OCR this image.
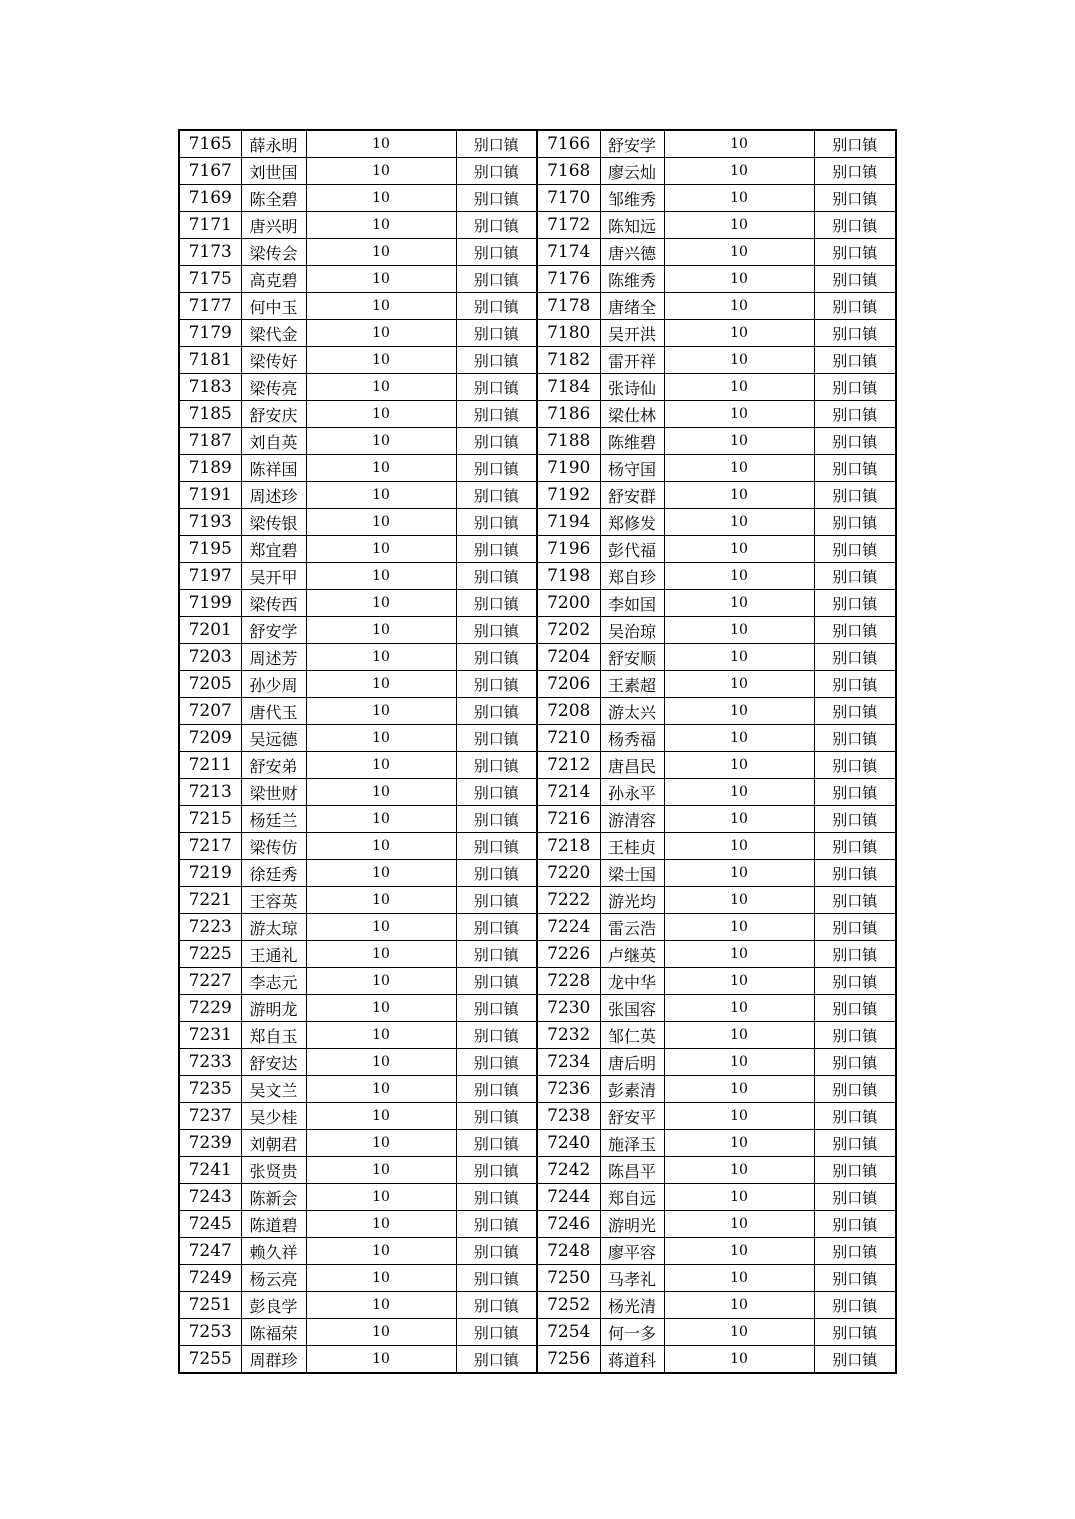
7165	薛永明	10	别口镇	7166	舒安学	10	别口镇
7167	刘世国	10	别口镇	7168	廖云灿	10	别口镇
7169	陈全碧	10	别口镇	7170	邹维秀	10	别口镇
7171	唐兴明	10	别口镇	7172	陈知远	10	别口镇
7173	梁传会	10	别口镇	7174	唐兴德	10	别口镇
7175	高克碧	10	别口镇	7176	陈维秀	10	别口镇
7177	何中玉	10	别口镇	7178	唐绪全	10	别口镇
7179	梁代金	10	别口镇	7180	吴开洪	10	别口镇
7181	梁传好	10	别口镇	7182	雷开祥	10	别口镇
7183	梁传亮	10	别口镇	7184	张诗仙	10	别口镇
7185	舒安庆	10	别口镇	7186	梁仕林	10	别口镇
7187	刘自英	10	别口镇	7188	陈维碧	10	别口镇
7189	陈祥国	10	别口镇	7190	杨守国	10	别口镇
7191	周述珍	10	别口镇	7192	舒安群	10	别口镇
7193	梁传银	10	别口镇	7194	郑修发	10	别口镇
7195	郑宜碧	10	别口镇	7196	彭代福	10	别口镇
7197	吴开甲	10	别口镇	7198	郑自珍	10	别口镇
7199	梁传西	10	别口镇	7200	李如国	10	别口镇
7201	舒安学	10	别口镇	7202	吴治琼	10	别口镇
7203	周述芳	10	别口镇	7204	舒安顺	10	别口镇
7205	孙少周	10	别口镇	7206	王素超	10	别口镇
7207	唐代玉	10	别口镇	7208	游太兴	10	别口镇
7209	吴远德	10	别口镇	7210	杨秀福	10	别口镇
7211	舒安弟	10	别口镇	7212	唐昌民	10	别口镇
7213	梁世财	10	别口镇	7214	孙永平	10	别口镇
7215	杨廷兰	10	别口镇	7216	游清容	10	别口镇
7217	梁传仿	10	别口镇	7218	王桂贞	10	别口镇
7219	徐廷秀	10	别口镇	7220	梁士国	10	别口镇
7221	王容英	10	别口镇	7222	游光均	10	别口镇
7223	游太琼	10	别口镇	7224	雷云浩	10	别口镇
7225	王通礼	10	别口镇	7226	卢继英	10	别口镇
7227	李志元	10	别口镇	7228	龙中华	10	别口镇
7229	游明龙	10	别口镇	7230	张国容	10	别口镇
7231	郑自玉	10	别口镇	7232	邹仁英	10	别口镇
7233	舒安达	10	别口镇	7234	唐后明	10	别口镇
7235	吴文兰	10	别口镇	7236	彭素清	10	别口镇
7237	吴少桂	10	别口镇	7238	舒安平	10	别口镇
7239	刘朝君	10	别口镇	7240	施泽玉	10	别口镇
7241	张贤贵	10	别口镇	7242	陈昌平	10	别口镇
7243	陈新会	10	别口镇	7244	郑自远	10	别口镇
7245	陈道碧	10	别口镇	7246	游明光	10	别口镇
7247	赖久祥	10	别口镇	7248	廖平容	10	别口镇
7249	杨云亮	10	别口镇	7250	马孝礼	10	别口镇
7251	彭良学	10	别口镇	7252	杨光清	10	别口镇
7253	陈福荣	10	别口镇	7254	何一多	10	别口镇
7255	周群珍	10	别口镇	7256	蒋道科	10	别口镇
